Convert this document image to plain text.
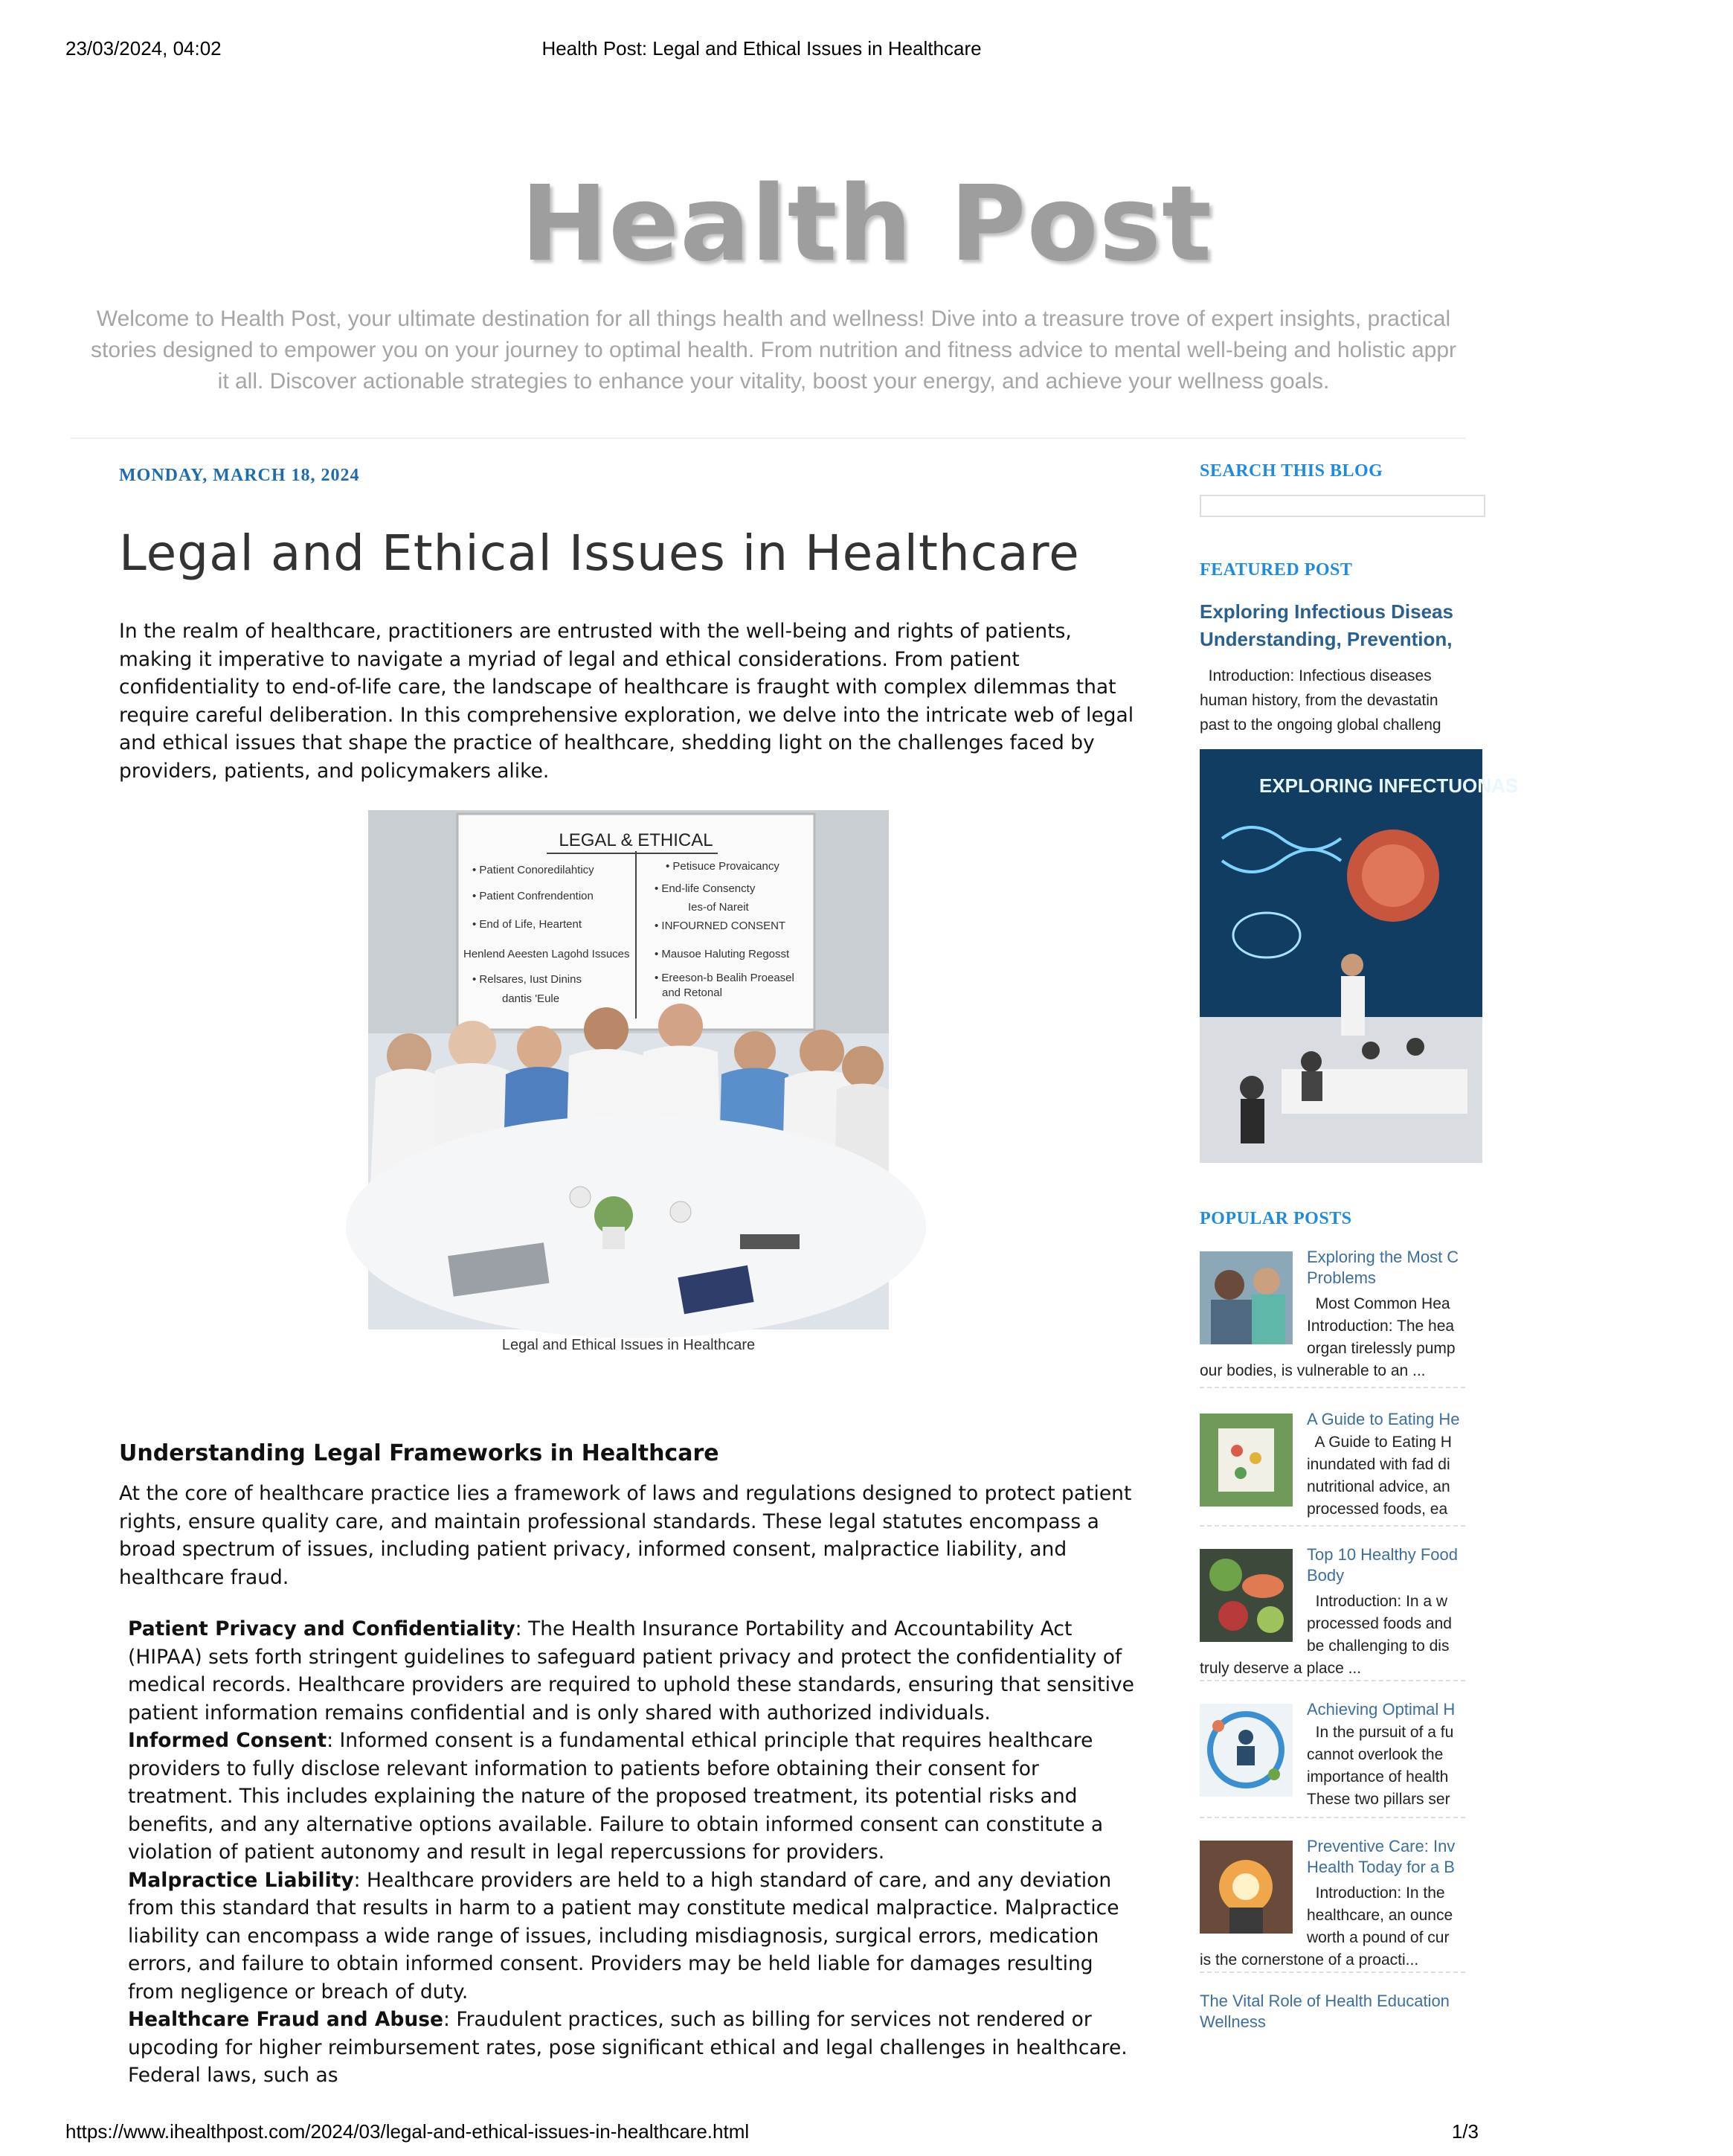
23/03/2024, 04:02	Health Post: Legal and Ethical Issues in Healthcare
Health Post
Welcome to Health Post, your ultimate destination for all things health and wellness! Dive into a treasure trove of expert insights, practical
stories designed to empower you on your journey to optimal health. From nutrition and fitness advice to mental well-being and holistic appr
it all. Discover actionable strategies to enhance your vitality, boost your energy, and achieve your wellness goals.
MONDAY, MARCH 18, 2024
Legal and Ethical Issues in Healthcare

In the realm of healthcare, practitioners are entrusted with the well-being and rights of patients, making it imperative to navigate a myriad of legal and ethical considerations. From patient confidentiality to end-of-life care, the landscape of healthcare is fraught with complex dilemmas that require careful deliberation. In this comprehensive exploration, we delve into the intricate web of legal and ethical issues that shape the practice of healthcare, shedding light on the challenges faced by providers, patients, and policymakers alike.

LEGAL & ETHICAL
• Patient Conoredilahticy
• Patient Confrendention
• End of Life, Heartent
Henlend Aeesten Lagohd Issuces
• Relsares, Iust Dinins
dantis 'Eule
• Petisuce Provaicancy
• End-life Consencty
Ies-of Nareit
• INFOURNED CONSENT
• Mausoe Haluting Regosst
• Ereeson-b Bealih Proeasel
and Retonal
Legal and Ethical Issues in Healthcare
Understanding Legal Frameworks in Healthcare

At the core of healthcare practice lies a framework of laws and regulations designed to protect patient rights, ensure quality care, and maintain professional standards. These legal statutes encompass a broad spectrum of issues, including patient privacy, informed consent, malpractice liability, and healthcare fraud.

Patient Privacy and Confidentiality: The Health Insurance Portability and Accountability Act (HIPAA) sets forth stringent guidelines to safeguard patient privacy and protect the confidentiality of medical records. Healthcare providers are required to uphold these standards, ensuring that sensitive patient information remains confidential and is only shared with authorized individuals.

Informed Consent: Informed consent is a fundamental ethical principle that requires healthcare providers to fully disclose relevant information to patients before obtaining their consent for treatment. This includes explaining the nature of the proposed treatment, its potential risks and benefits, and any alternative options available. Failure to obtain informed consent can constitute a violation of patient autonomy and result in legal repercussions for providers.

Malpractice Liability: Healthcare providers are held to a high standard of care, and any deviation from this standard that results in harm to a patient may constitute medical malpractice. Malpractice liability can encompass a wide range of issues, including misdiagnosis, surgical errors, medication errors, and failure to obtain informed consent. Providers may be held liable for damages resulting from negligence or breach of duty.

Healthcare Fraud and Abuse: Fraudulent practices, such as billing for services not rendered or upcoding for higher reimbursement rates, pose significant ethical and legal challenges in healthcare. Federal laws, such as

SEARCH THIS BLOG
FEATURED POST
Exploring Infectious Diseas
Understanding, Prevention,
Introduction: Infectious diseases
human history, from the devastatin
past to the ongoing global challeng
EXPLORING INFECTUONAS
POPULAR POSTS
Exploring the Most C
Problems
Most Common Hea
Introduction: The hea
organ tirelessly pump
our bodies, is vulnerable to an ...
A Guide to Eating He
A Guide to Eating H
inundated with fad di
nutritional advice, an
processed foods, ea
Top 10 Healthy Food
Body
Introduction: In a w
processed foods and
be challenging to dis
truly deserve a place ...
Achieving Optimal H
In the pursuit of a fu
cannot overlook the
importance of health
These two pillars ser
Preventive Care: Inv
Health Today for a B
Introduction: In the
healthcare, an ounce
worth a pound of cur
is the cornerstone of a proacti...
The Vital Role of Health Education
Wellness
https://www.ihealthpost.com/2024/03/legal-and-ethical-issues-in-healthcare.html	1/3
